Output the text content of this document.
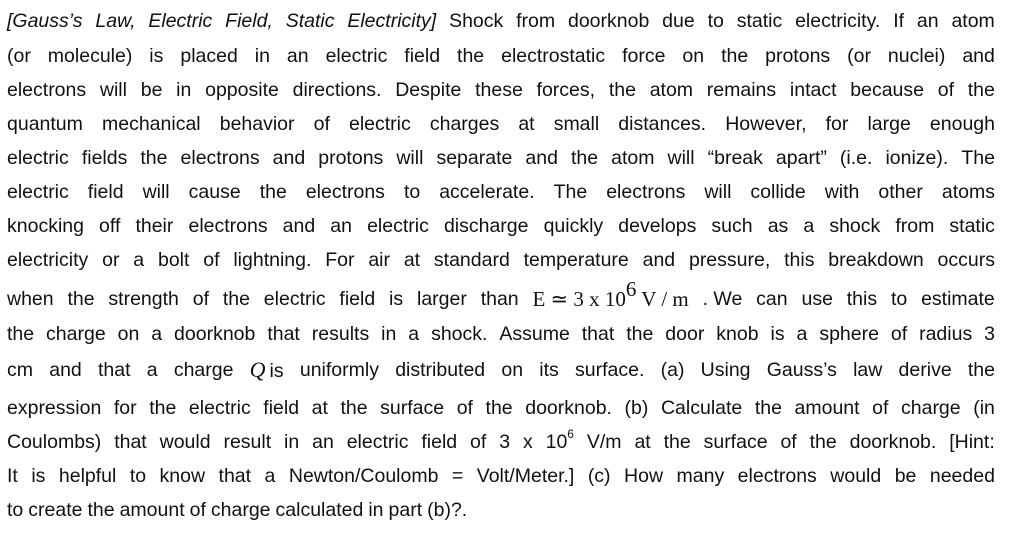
[Gauss’s Law, Electric Field, Static Electricity] Shock from doorknob due to static electricity. If an atom
(or molecule) is placed in an electric field the electrostatic force on the protons (or nuclei) and
electrons will be in opposite directions. Despite these forces, the atom remains intact because of the
quantum mechanical behavior of electric charges at small distances. However, for large enough
electric fields the electrons and protons will separate and the atom will “break apart” (i.e. ionize). The
electric field will cause the electrons to accelerate. The electrons will collide with other atoms
knocking off their electrons and an electric discharge quickly develops such as a shock from static
electricity or a bolt of lightning. For air at standard temperature and pressure, this breakdown occurs
when the strength of the electric field is larger than E ≃ 3 x $10^6$ V / m . We can use this to estimate
the charge on a doorknob that results in a shock. Assume that the door knob is a sphere of radius 3
cm and that a charge Q is uniformly distributed on its surface. (a) Using Gauss’s law derive the
expression for the electric field at the surface of the doorknob. (b) Calculate the amount of charge (in
Coulombs) that would result in an electric field of 3 x $10^6$ V/m at the surface of the doorknob. [Hint:
It is helpful to know that a Newton/Coulomb = Volt/Meter.] (c) How many electrons would be needed
to create the amount of charge calculated in part (b)?.
